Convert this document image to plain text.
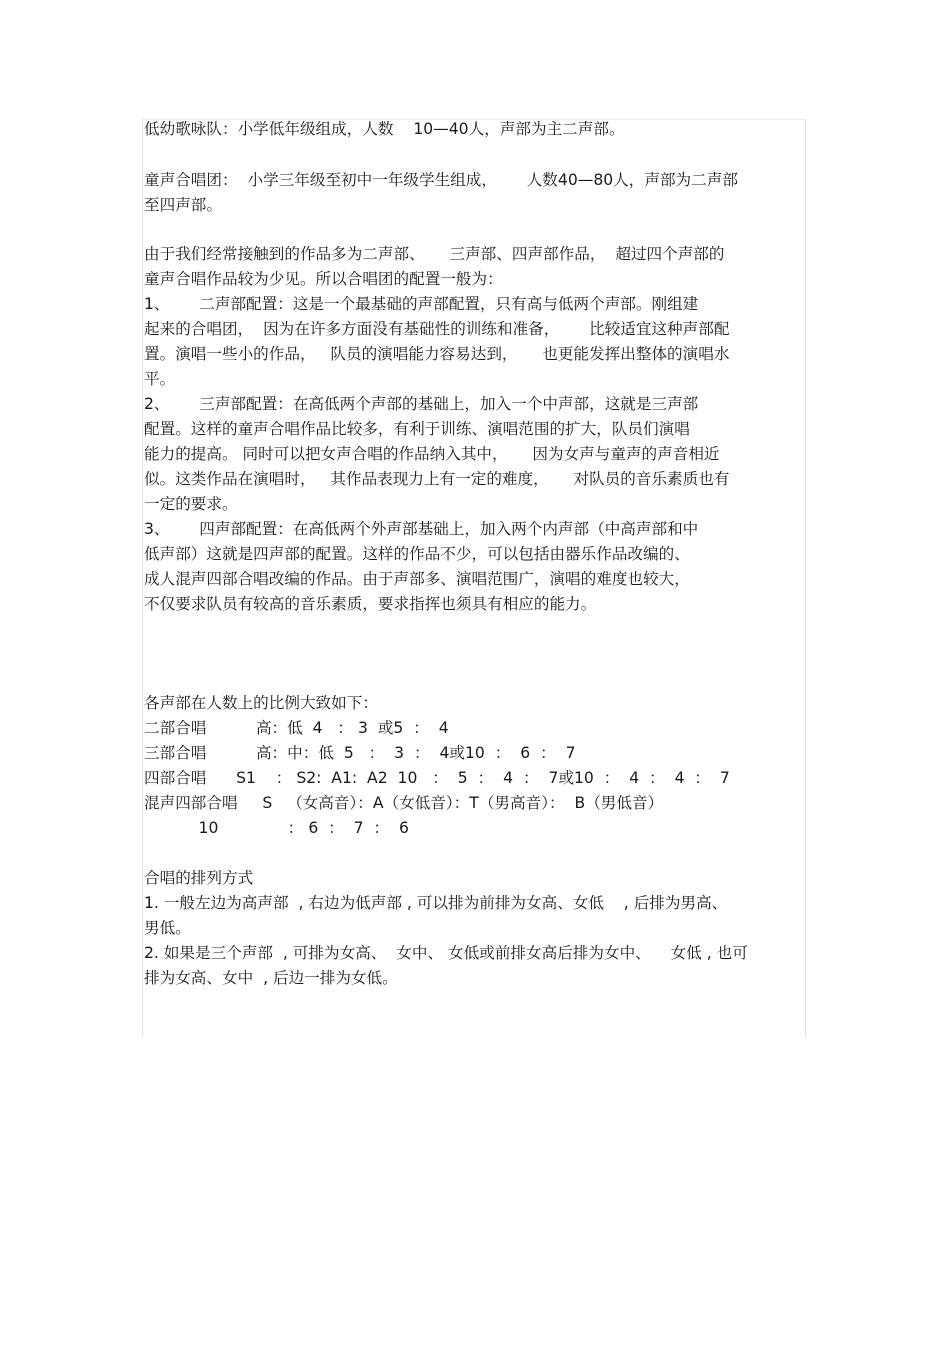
低幼歌咏队：小学低年级组成，人数    10—40人，声部为主二声部。
童声合唱团：  小学三年级至初中一年级学生组成，      人数40—80人，声部为二声部
至四声部。
由于我们经常接触到的作品多为二声部、     三声部、四声部作品，  超过四个声部的
童声合唱作品较为少见。所以合唱团的配置一般为：
1、      二声部配置：这是一个最基础的声部配置，只有高与低两个声部。刚组建
起来的合唱团，  因为在许多方面没有基础性的训练和准备，      比较适宜这种声部配
置。演唱一些小的作品，   队员的演唱能力容易达到，     也更能发挥出整体的演唱水
平。
2、      三声部配置：在高低两个声部的基础上，加入一个中声部，这就是三声部
配置。这样的童声合唱作品比较多，有利于训练、演唱范围的扩大，队员们演唱
能力的提高。 同时可以把女声合唱的作品纳入其中，     因为女声与童声的声音相近
似。这类作品在演唱时，   其作品表现力上有一定的难度，     对队员的音乐素质也有
一定的要求。
3、      四声部配置：在高低两个外声部基础上，加入两个内声部（中高声部和中
低声部）这就是四声部的配置。这样的作品不少，可以包括由器乐作品改编的、
成人混声四部合唱改编的作品。由于声部多、演唱范围广，演唱的难度也较大，
不仅要求队员有较高的音乐素质，要求指挥也须具有相应的能力。
各声部在人数上的比例大致如下：
二部合唱          高：低  4   ： 3  或5  ：  4
三部合唱          高：中：低  5   ：  3  ：  4或10  ：  6  ：  7
四部合唱      S1    ： S2:  A1:  A2  10   ：  5  ：  4  ：  7或10  ：  4  ：  4  ：  7
混声四部合唱     S   （女高音）：A（女低音）：T（男高音）：  B（男低音）
10              ： 6  ：  7  ：  6
合唱的排列方式
1. 一般左边为高声部  , 右边为低声部 , 可以排为前排为女高、女低    , 后排为男高、
男低。
2. 如果是三个声部  , 可排为女高、  女中、 女低或前排女高后排为女中、    女低 , 也可
排为女高、女中  , 后边一排为女低。
